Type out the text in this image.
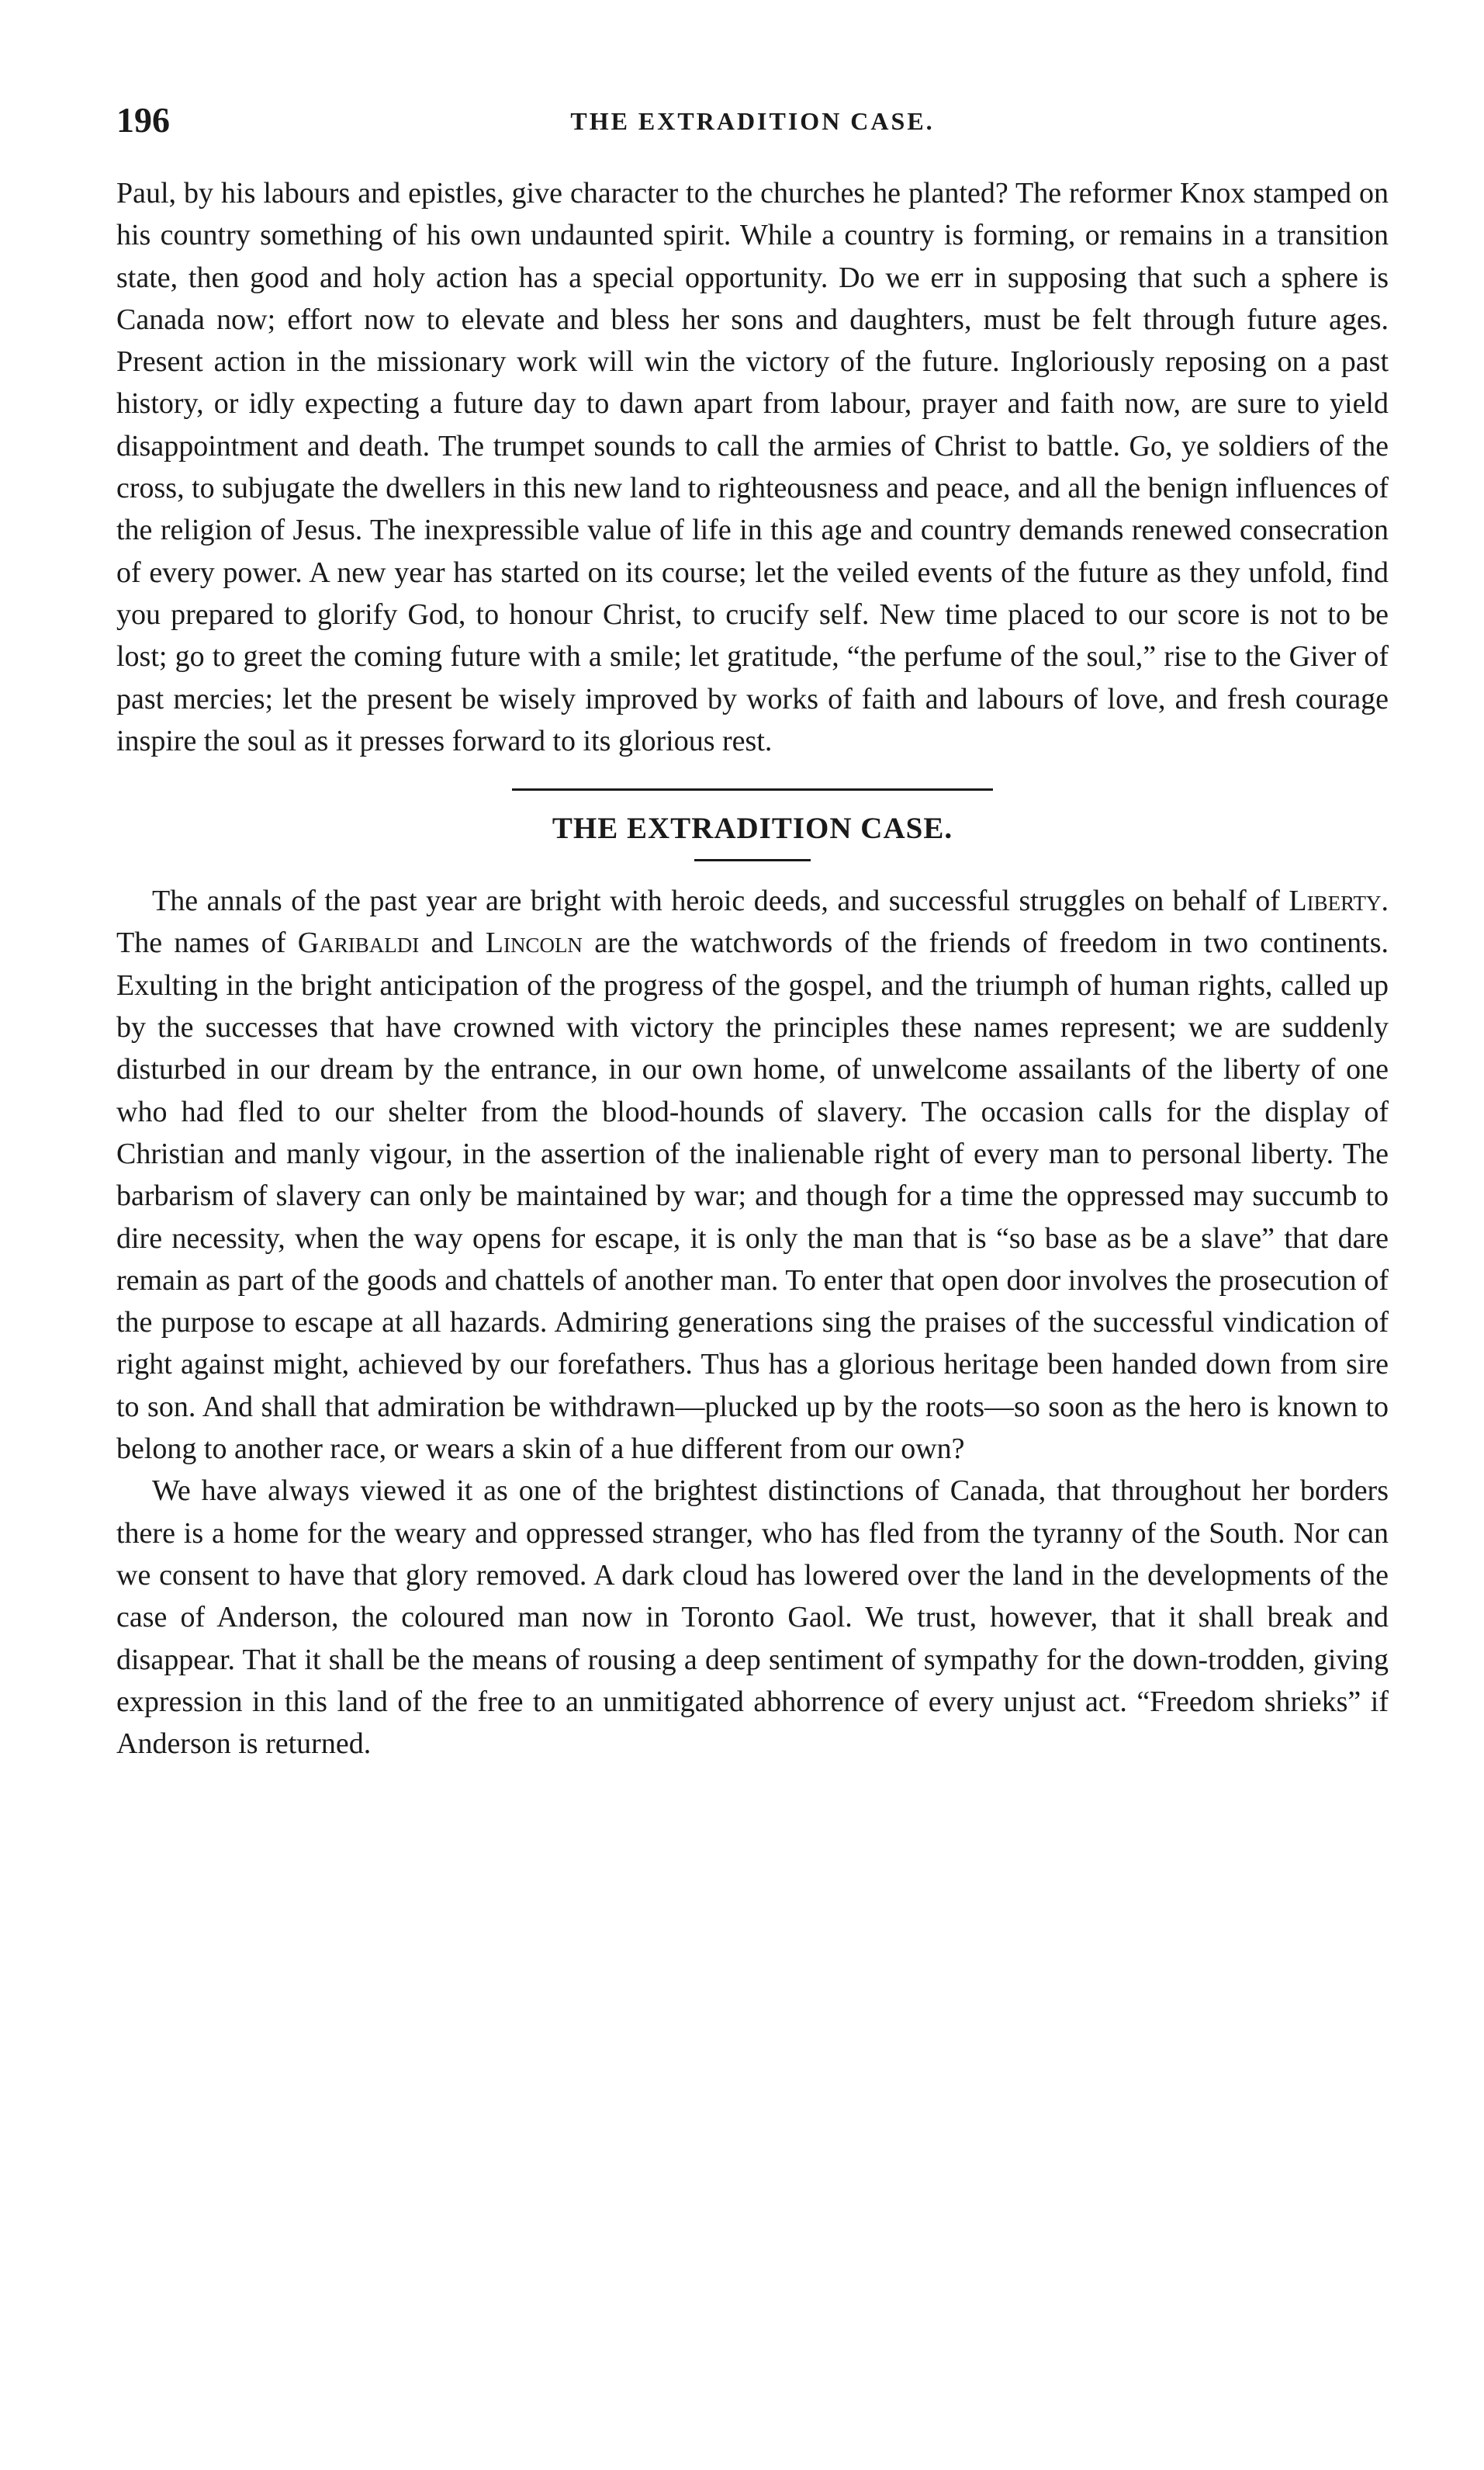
196	THE EXTRADITION CASE.

Paul, by his labours and epistles, give character to the churches he planted? The reformer Knox stamped on his country something of his own undaunted spirit. While a country is forming, or remains in a transition state, then good and holy action has a special opportunity. Do we err in supposing that such a sphere is Canada now; effort now to elevate and bless her sons and daughters, must be felt through future ages. Present action in the missionary work will win the victory of the future. Ingloriously reposing on a past history, or idly expecting a future day to dawn apart from labour, prayer and faith now, are sure to yield disappointment and death. The trumpet sounds to call the armies of Christ to battle. Go, ye soldiers of the cross, to subjugate the dwellers in this new land to righteousness and peace, and all the benign influences of the religion of Jesus. The inexpressible value of life in this age and country demands renewed consecration of every power. A new year has started on its course; let the veiled events of the future as they unfold, find you prepared to glorify God, to honour Christ, to crucify self. New time placed to our score is not to be lost; go to greet the coming future with a smile; let gratitude, “the perfume of the soul,” rise to the Giver of past mercies; let the present be wisely improved by works of faith and labours of love, and fresh courage inspire the soul as it presses forward to its glorious rest.

THE EXTRADITION CASE.

The annals of the past year are bright with heroic deeds, and successful struggles on behalf of Liberty. The names of Garibaldi and Lincoln are the watchwords of the friends of freedom in two continents. Exulting in the bright anticipation of the progress of the gospel, and the triumph of human rights, called up by the successes that have crowned with victory the principles these names represent; we are suddenly disturbed in our dream by the entrance, in our own home, of unwelcome assailants of the liberty of one who had fled to our shelter from the blood-hounds of slavery. The occasion calls for the display of Christian and manly vigour, in the assertion of the inalienable right of every man to personal liberty. The barbarism of slavery can only be maintained by war; and though for a time the oppressed may succumb to dire necessity, when the way opens for escape, it is only the man that is “so base as be a slave” that dare remain as part of the goods and chattels of another man. To enter that open door involves the prosecution of the purpose to escape at all hazards. Admiring generations sing the praises of the successful vindication of right against might, achieved by our forefathers. Thus has a glorious heritage been handed down from sire to son. And shall that admiration be withdrawn—plucked up by the roots—so soon as the hero is known to belong to another race, or wears a skin of a hue different from our own?

We have always viewed it as one of the brightest distinctions of Canada, that throughout her borders there is a home for the weary and oppressed stranger, who has fled from the tyranny of the South. Nor can we consent to have that glory removed. A dark cloud has lowered over the land in the developments of the case of Anderson, the coloured man now in Toronto Gaol. We trust, however, that it shall break and disappear. That it shall be the means of rousing a deep sentiment of sympathy for the down-trodden, giving expression in this land of the free to an unmitigated abhorrence of every unjust act. “Freedom shrieks” if Anderson is returned.
